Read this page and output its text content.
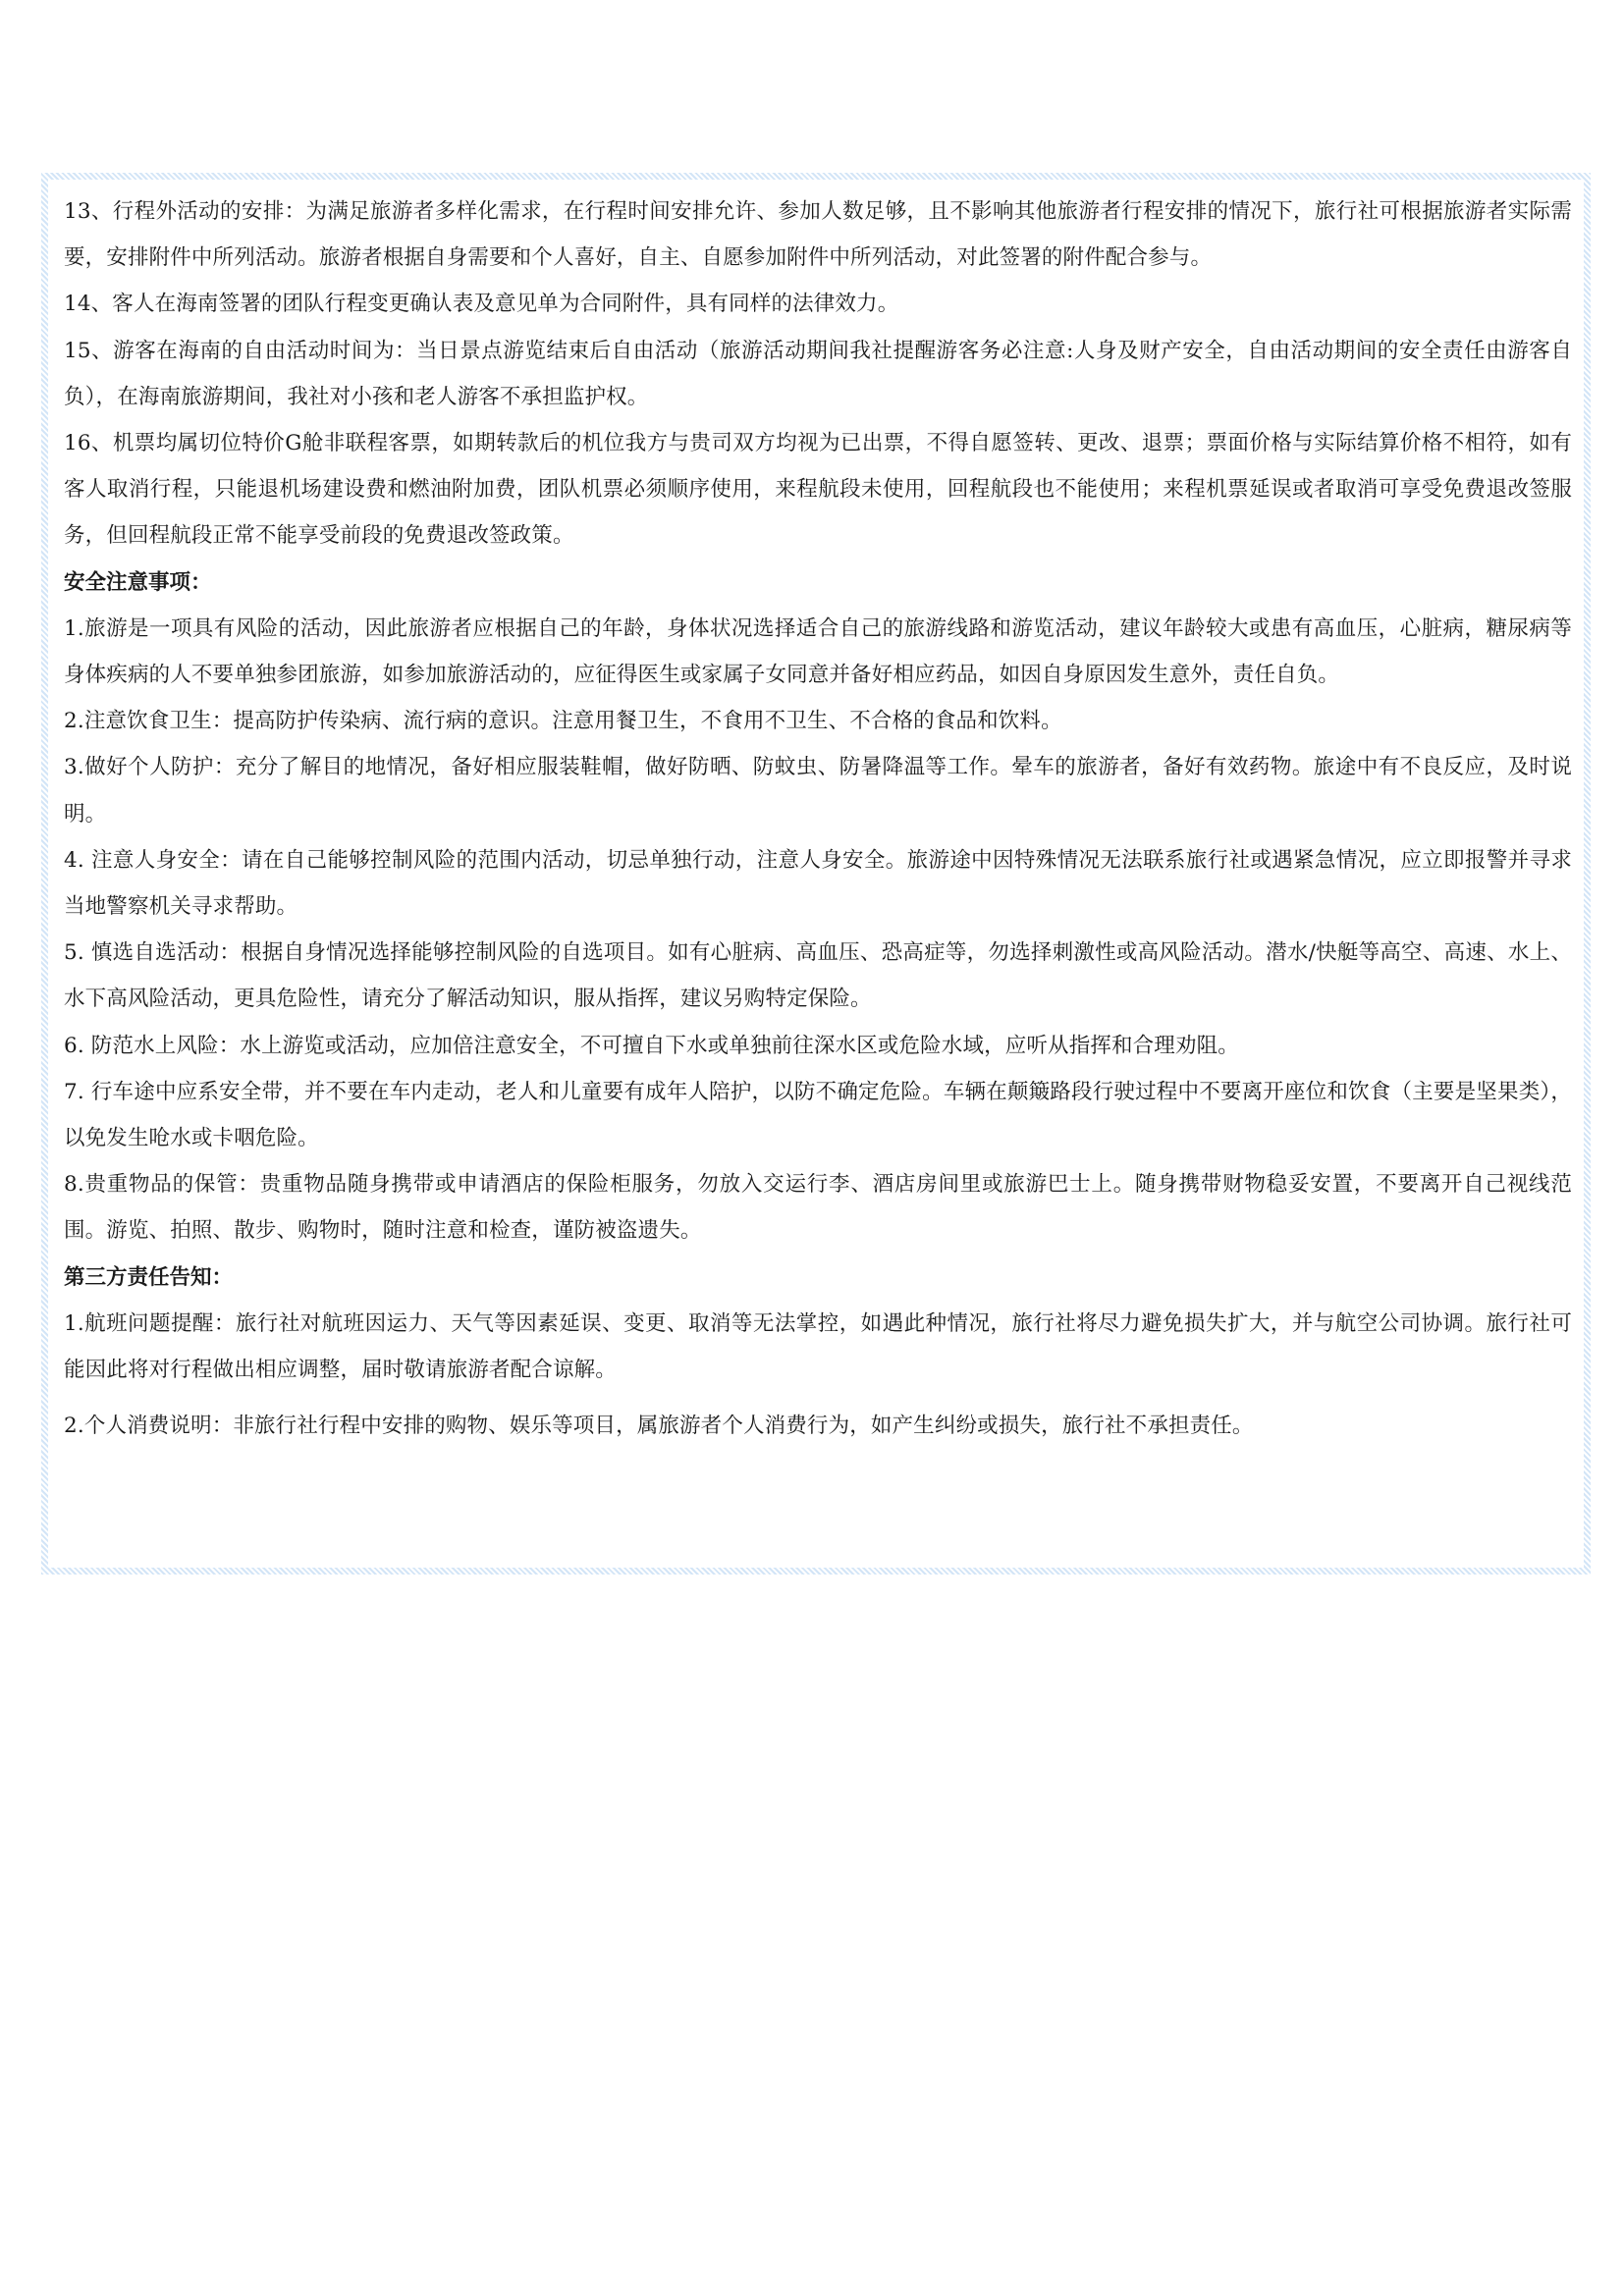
13、行程外活动的安排：为满足旅游者多样化需求，在行程时间安排允许、参加人数足够，且不影响其他旅游者行程安排的情况下，旅行社可根据旅游者实际需要，安排附件中所列活动。旅游者根据自身需要和个人喜好，自主、自愿参加附件中所列活动，对此签署的附件配合参与。

14、客人在海南签署的团队行程变更确认表及意见单为合同附件，具有同样的法律效力。

15、游客在海南的自由活动时间为：当日景点游览结束后自由活动（旅游活动期间我社提醒游客务必注意:人身及财产安全，自由活动期间的安全责任由游客自负），在海南旅游期间，我社对小孩和老人游客不承担监护权。

16、机票均属切位特价G舱非联程客票，如期转款后的机位我方与贵司双方均视为已出票，不得自愿签转、更改、退票；票面价格与实际结算价格不相符，如有客人取消行程，只能退机场建设费和燃油附加费，团队机票必须顺序使用，来程航段未使用，回程航段也不能使用；来程机票延误或者取消可享受免费退改签服务，但回程航段正常不能享受前段的免费退改签政策。

安全注意事项：

1.旅游是一项具有风险的活动，因此旅游者应根据自己的年龄，身体状况选择适合自己的旅游线路和游览活动，建议年龄较大或患有高血压，心脏病，糖尿病等身体疾病的人不要单独参团旅游，如参加旅游活动的，应征得医生或家属子女同意并备好相应药品，如因自身原因发生意外，责任自负。

2.注意饮食卫生：提高防护传染病、流行病的意识。注意用餐卫生，不食用不卫生、不合格的食品和饮料。

3.做好个人防护：充分了解目的地情况，备好相应服装鞋帽，做好防晒、防蚊虫、防暑降温等工作。晕车的旅游者，备好有效药物。旅途中有不良反应，及时说明。

4. 注意人身安全：请在自己能够控制风险的范围内活动，切忌单独行动，注意人身安全。旅游途中因特殊情况无法联系旅行社或遇紧急情况，应立即报警并寻求当地警察机关寻求帮助。

5. 慎选自选活动：根据自身情况选择能够控制风险的自选项目。如有心脏病、高血压、恐高症等，勿选择刺激性或高风险活动。潜水/快艇等高空、高速、水上、水下高风险活动，更具危险性，请充分了解活动知识，服从指挥，建议另购特定保险。

6. 防范水上风险：水上游览或活动，应加倍注意安全，不可擅自下水或单独前往深水区或危险水域，应听从指挥和合理劝阻。

7. 行车途中应系安全带，并不要在车内走动，老人和儿童要有成年人陪护，以防不确定危险。车辆在颠簸路段行驶过程中不要离开座位和饮食（主要是坚果类），以免发生呛水或卡咽危险。

8.贵重物品的保管：贵重物品随身携带或申请酒店的保险柜服务，勿放入交运行李、酒店房间里或旅游巴士上。随身携带财物稳妥安置，不要离开自己视线范围。游览、拍照、散步、购物时，随时注意和检查，谨防被盗遗失。

第三方责任告知：

1.航班问题提醒：旅行社对航班因运力、天气等因素延误、变更、取消等无法掌控，如遇此种情况，旅行社将尽力避免损失扩大，并与航空公司协调。旅行社可能因此将对行程做出相应调整，届时敬请旅游者配合谅解。

2.个人消费说明：非旅行社行程中安排的购物、娱乐等项目，属旅游者个人消费行为，如产生纠纷或损失，旅行社不承担责任。
